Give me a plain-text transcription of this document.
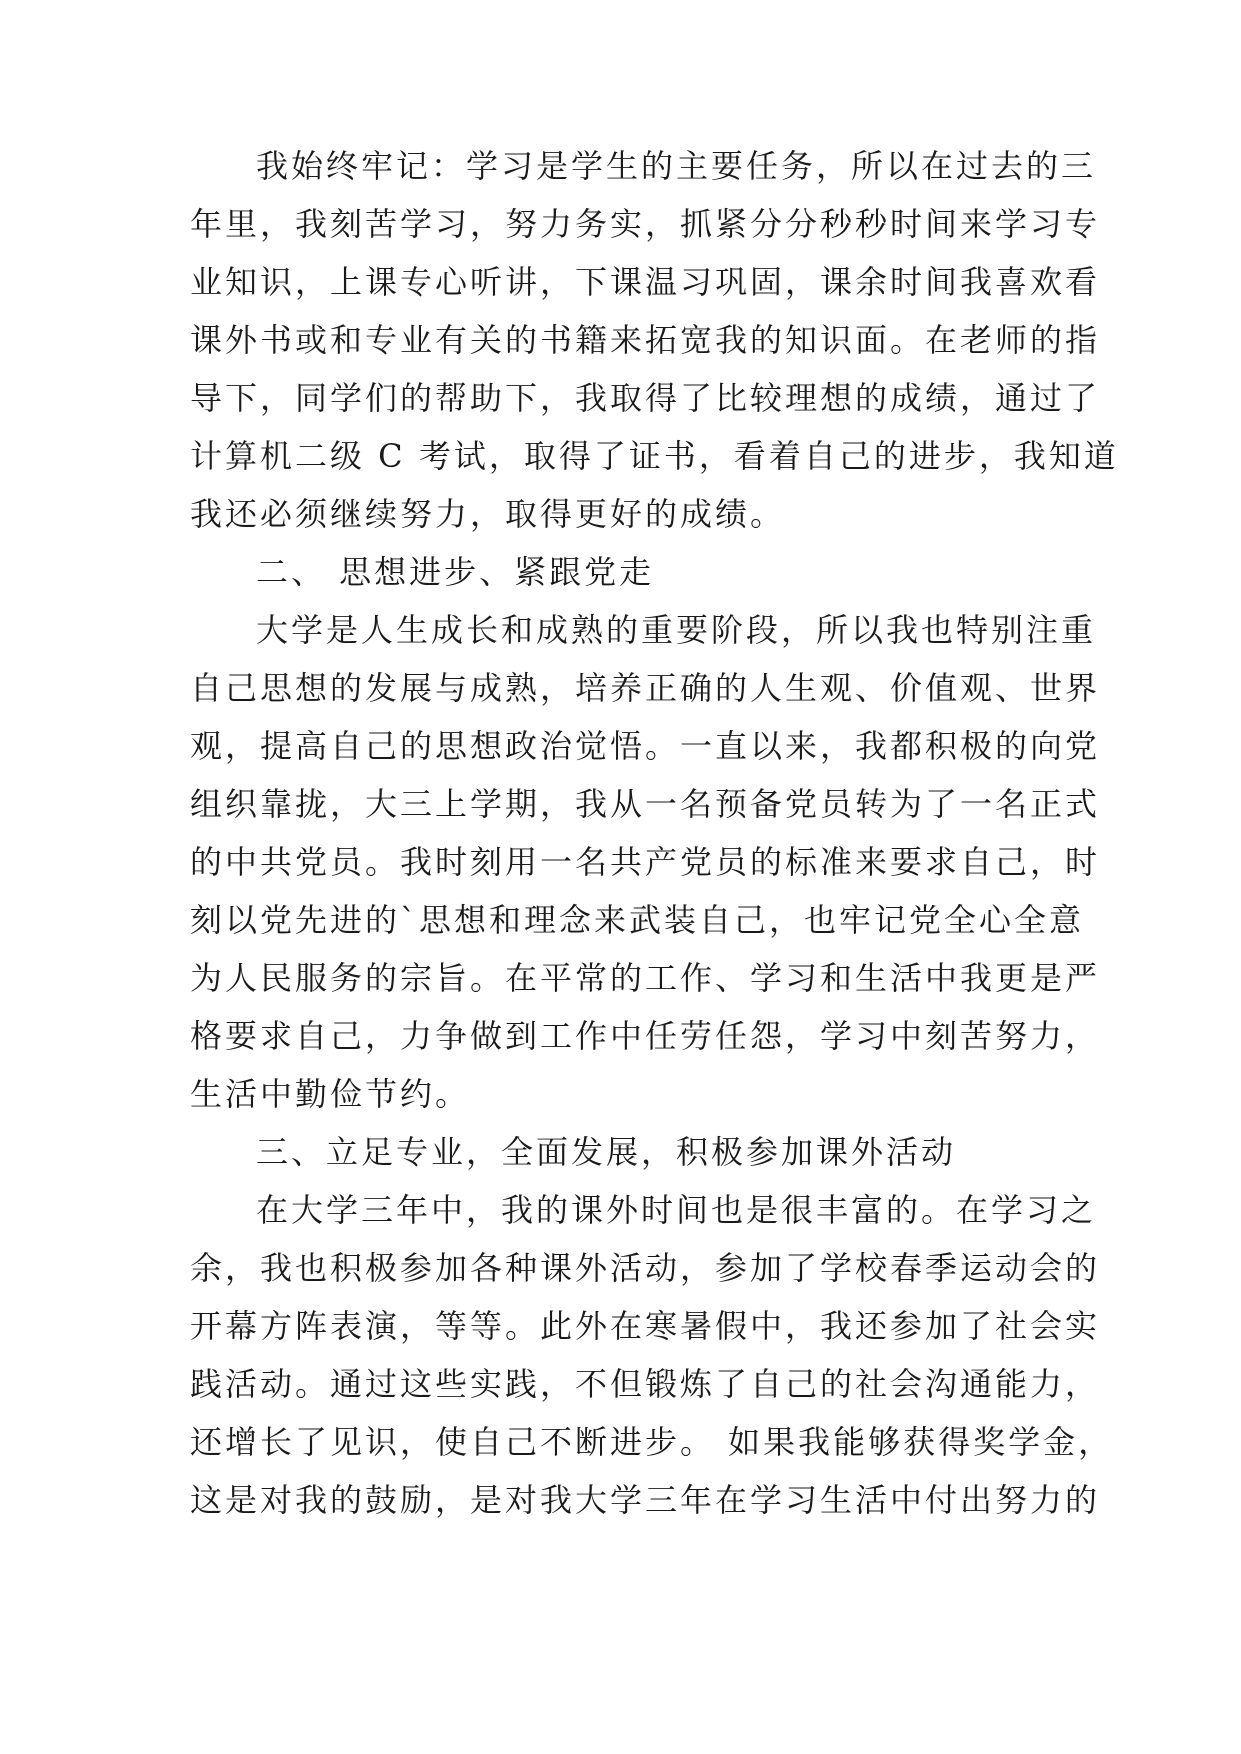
我始终牢记：学习是学生的主要任务，所以在过去的三
年里，我刻苦学习，努力务实，抓紧分分秒秒时间来学习专
业知识，上课专心听讲，下课温习巩固，课余时间我喜欢看
课外书或和专业有关的书籍来拓宽我的知识面。在老师的指
导下，同学们的帮助下，我取得了比较理想的成绩，通过了
计算机二级 C 考试，取得了证书，看着自己的进步，我知道
我还必须继续努力，取得更好的成绩。
二、 思想进步、紧跟党走
大学是人生成长和成熟的重要阶段，所以我也特别注重
自己思想的发展与成熟，培养正确的人生观、价值观、世界
观，提高自己的思想政治觉悟。一直以来，我都积极的向党
组织靠拢，大三上学期，我从一名预备党员转为了一名正式
的中共党员。我时刻用一名共产党员的标准来要求自己，时
刻以党先进的`思想和理念来武装自己，也牢记党全心全意
为人民服务的宗旨。在平常的工作、学习和生活中我更是严
格要求自己，力争做到工作中任劳任怨，学习中刻苦努力，
生活中勤俭节约。
三、立足专业，全面发展，积极参加课外活动
在大学三年中，我的课外时间也是很丰富的。在学习之
余，我也积极参加各种课外活动，参加了学校春季运动会的
开幕方阵表演，等等。此外在寒暑假中，我还参加了社会实
践活动。通过这些实践，不但锻炼了自己的社会沟通能力，
还增长了见识，使自己不断进步。 如果我能够获得奖学金，
这是对我的鼓励，是对我大学三年在学习生活中付出努力的
